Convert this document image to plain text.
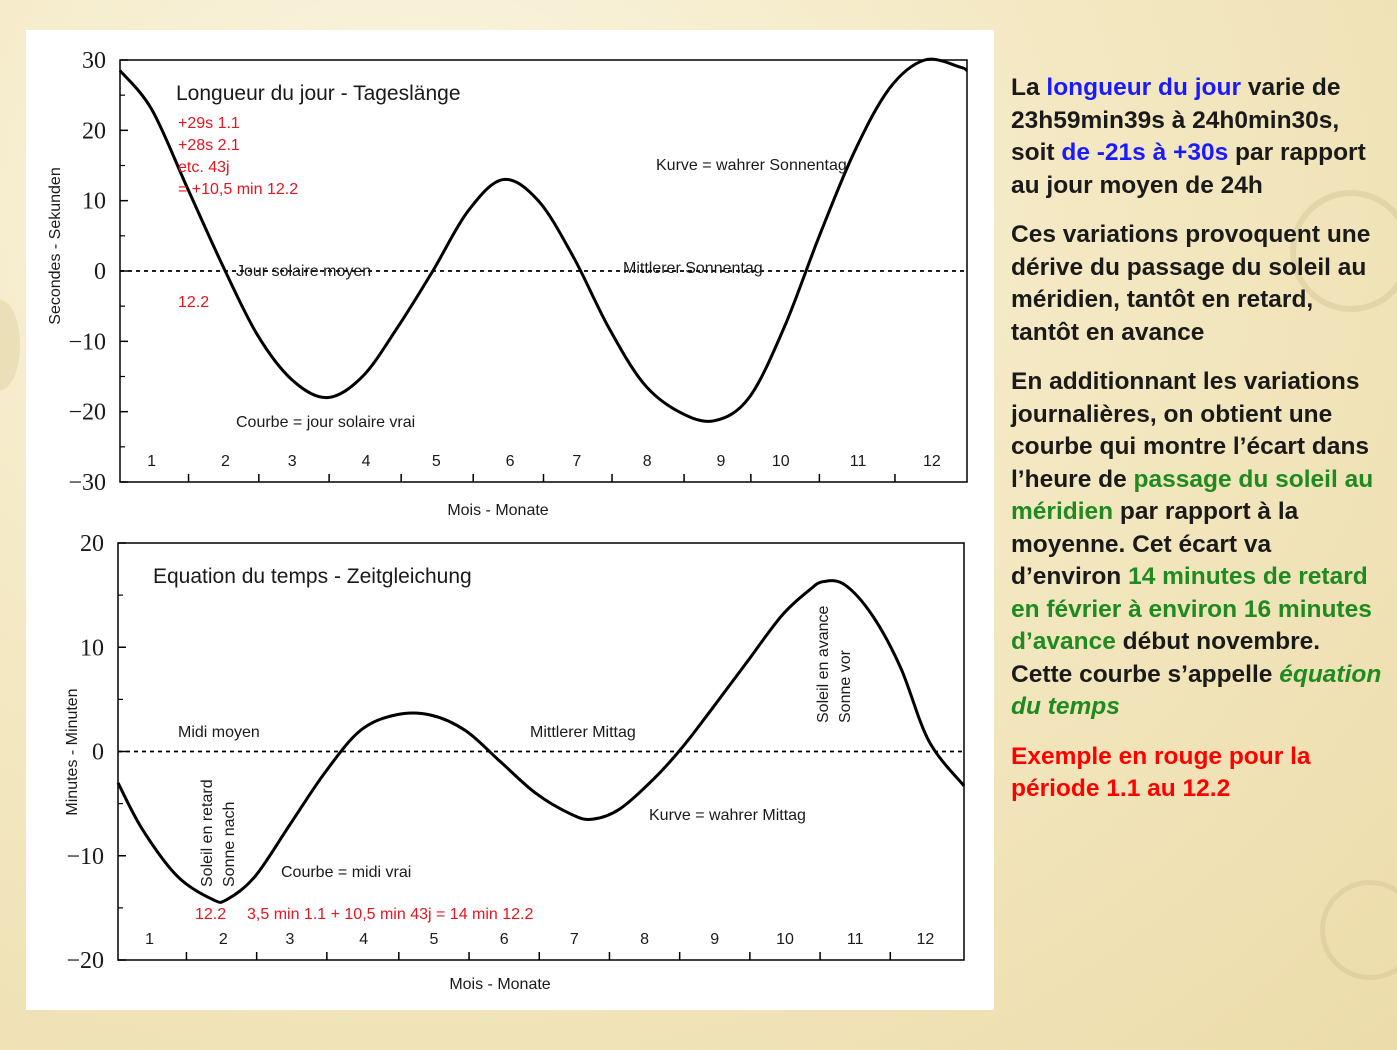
30
20
10
0
−10
−20
−30
1	2	3	4	5	6	7	8	9	10	11	12
Longueur du jour - Tageslänge
Kurve = wahrer Sonnentag
Jour solaire moyen	Mittlerer Sonnentag
Courbe = jour solaire vrai
+29s 1.1
+28s 2.1
etc. 43j
= +10,5 min 12.2
12.2
Mois - Monate
Secondes - Sekunden
20
10
0
−10
−20
1	2	3	4	5	6	7	8	9	10	11	12
Equation du temps - Zeitgleichung
Midi moyen	Mittlerer Mittag
Kurve = wahrer Mittag
Courbe = midi vrai
Soleil en retard Sonne nach
Soleil en avance Sonne vor
12.2 3,5 min 1.1 + 10,5 min 43j = 14 min 12.2
Mois - Monate
Minutes - Minuten

La longueur du jour varie de 23h59min39s à 24h0min30s, soit de -21s à +30s par rapport au jour moyen de 24h

Ces variations provoquent une dérive du passage du soleil au méridien, tantôt en retard, tantôt en avance

En additionnant les variations journalières, on obtient une courbe qui montre l’écart dans l’heure de passage du soleil au méridien par rapport à la moyenne. Cet écart va d’environ 14 minutes de retard en février à environ 16 minutes d’avance début novembre. Cette courbe s’appelle équation du temps

Exemple en rouge pour la période 1.1 au 12.2
